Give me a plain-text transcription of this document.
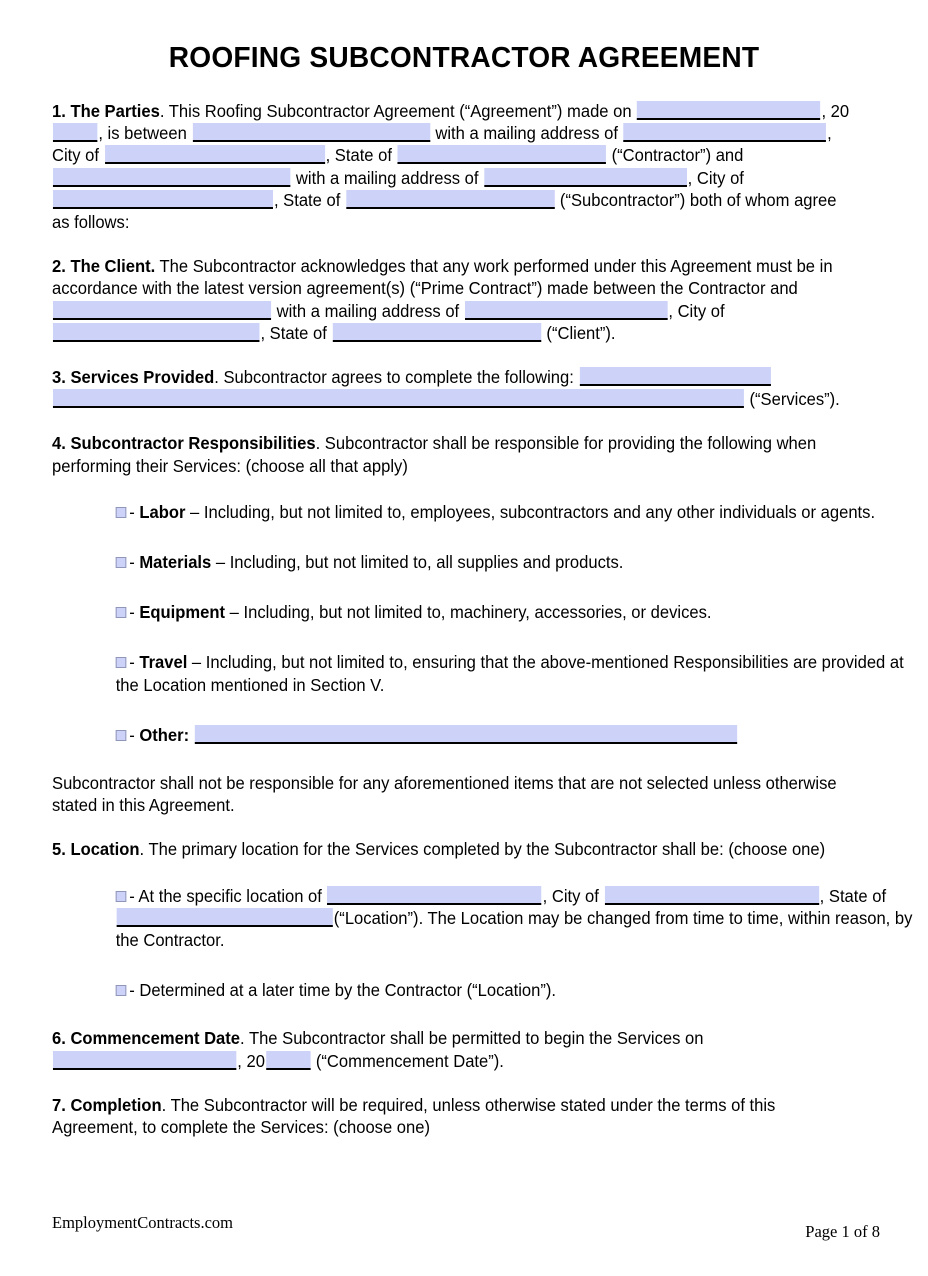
ROOFING SUBCONTRACTOR AGREEMENT
1. The Parties. This Roofing Subcontractor Agreement (“Agreement”) made on	, 20, is between	with a mailing address of	, City of	, State of	(“Contractor”) and  with a mailing address of	, City of , State of	(“Subcontractor”) both of whom agree as follows:
2. The Client. The Subcontractor acknowledges that any work performed under this Agreement must be in accordance with the latest version agreement(s) (“Prime Contract”) made between the Contractor and  with a mailing address of	, City of , State of	(“Client”).
3. Services Provided. Subcontractor agrees to complete the following:  (“Services”).
4. Subcontractor Responsibilities. Subcontractor shall be responsible for providing the following when performing their Services: (choose all that apply)
- Labor – Including, but not limited to, employees, subcontractors and any other individuals or agents.
- Materials – Including, but not limited to, all supplies and products.
- Equipment – Including, but not limited to, machinery, accessories, or devices.
- Travel – Including, but not limited to, ensuring that the above-mentioned Responsibilities are provided at the Location mentioned in Section V.
- Other:
Subcontractor shall not be responsible for any aforementioned items that are not selected unless otherwise stated in this Agreement.
5. Location. The primary location for the Services completed by the Subcontractor shall be: (choose one)
- At the specific location of	, City of	, State of (“Location”). The Location may be changed from time to time, within reason, by the Contractor.
- Determined at a later time by the Contractor (“Location”).
6. Commencement Date. The Subcontractor shall be permitted to begin the Services on , 20	(“Commencement Date”).
7. Completion. The Subcontractor will be required, unless otherwise stated under the terms of this Agreement, to complete the Services: (choose one)
EmploymentContracts.com	Page 1 of 8
